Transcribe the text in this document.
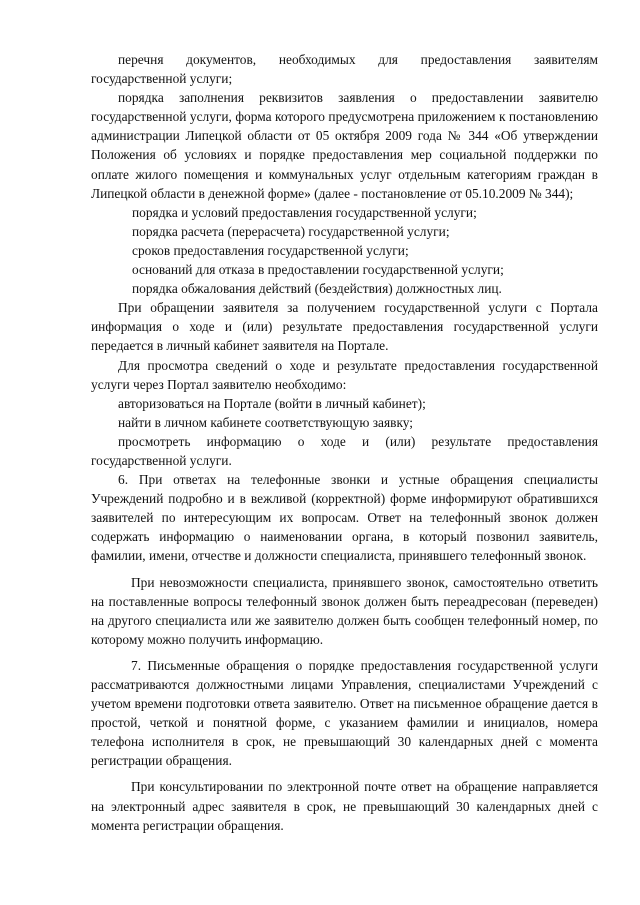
перечня документов, необходимых для предоставления заявителям государственной услуги;

порядка заполнения реквизитов заявления о предоставлении заявителю государственной услуги, форма которого предусмотрена приложением к постановлению администрации Липецкой области от 05 октября 2009 года № 344 «Об утверждении Положения об условиях и порядке предоставления мер социальной поддержки по оплате жилого помещения и коммунальных услуг отдельным категориям граждан в Липецкой области в денежной форме» (далее - постановление от 05.10.2009 № 344);

порядка и условий предоставления государственной услуги;

порядка расчета (перерасчета) государственной услуги;

сроков предоставления государственной услуги;

оснований для отказа в предоставлении государственной услуги;

порядка обжалования действий (бездействия) должностных лиц.

При обращении заявителя за получением государственной услуги с Портала информация о ходе и (или) результате предоставления государственной услуги передается в личный кабинет заявителя на Портале.

Для просмотра сведений о ходе и результате предоставления государственной услуги через Портал заявителю необходимо:

авторизоваться на Портале (войти в личный кабинет);

найти в личном кабинете соответствующую заявку;

просмотреть информацию о ходе и (или) результате предоставления государственной услуги.

6. При ответах на телефонные звонки и устные обращения специалисты Учреждений подробно и в вежливой (корректной) форме информируют обратившихся заявителей по интересующим их вопросам. Ответ на телефонный звонок должен содержать информацию о наименовании органа, в который позвонил заявитель, фамилии, имени, отчестве и должности специалиста, принявшего телефонный звонок.

При невозможности специалиста, принявшего звонок, самостоятельно ответить на поставленные вопросы телефонный звонок должен быть переадресован (переведен) на другого специалиста или же заявителю должен быть сообщен телефонный номер, по которому можно получить информацию.

7. Письменные обращения о порядке предоставления государственной услуги рассматриваются должностными лицами Управления, специалистами Учреждений с учетом времени подготовки ответа заявителю. Ответ на письменное обращение дается в простой, четкой и понятной форме, с указанием фамилии и инициалов, номера телефона исполнителя в срок, не превышающий 30 календарных дней с момента регистрации обращения.

При консультировании по электронной почте ответ на обращение направляется на электронный адрес заявителя в срок, не превышающий 30 календарных дней с момента регистрации обращения.
